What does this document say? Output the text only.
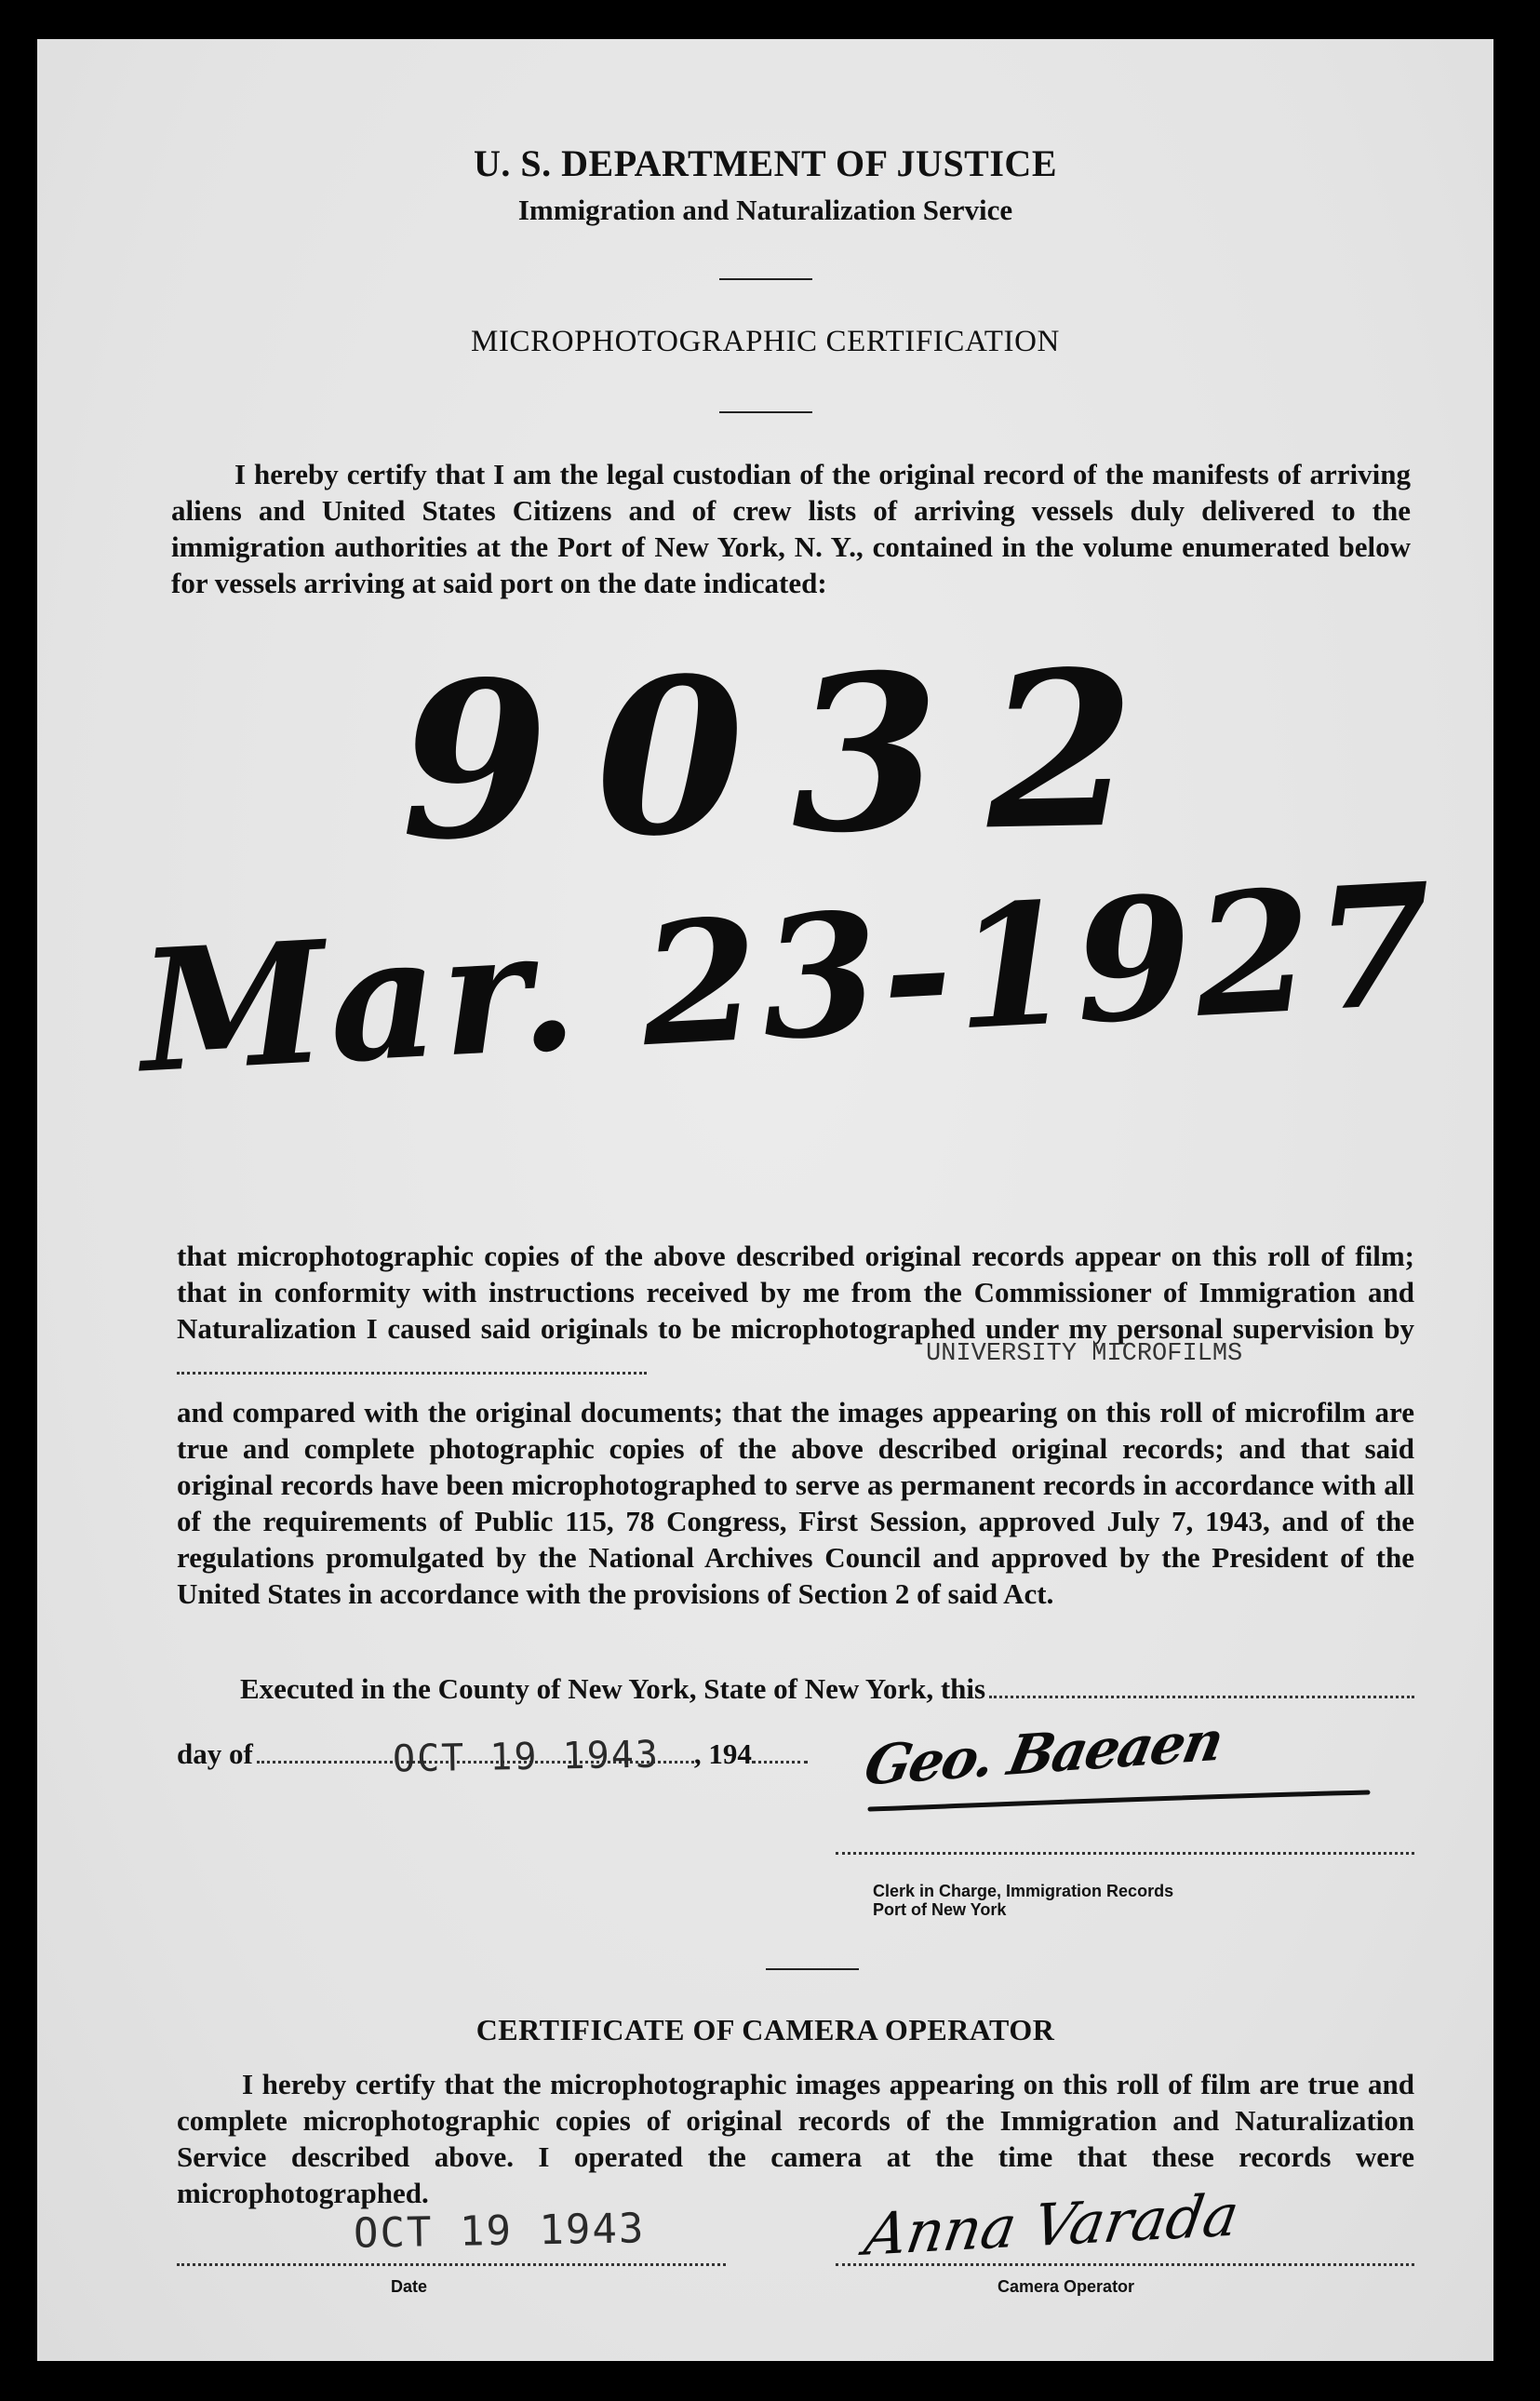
U. S. DEPARTMENT OF JUSTICE
Immigration and Naturalization Service
MICROPHOTOGRAPHIC CERTIFICATION

I hereby certify that I am the legal custodian of the original record of the manifests of arriving aliens and United States Citizens and of crew lists of arriving vessels duly delivered to the immigration authorities at the Port of New York, N. Y., contained in the volume enumerated below for vessels arriving at said port on the date indicated:

9032
Mar. 23-1927

that microphotographic copies of the above described original records appear on this roll of film; that in conformity with instructions received by me from the Commissioner of Immigration and Naturalization I caused said originals to be microphotographed under my personal supervision by

UNIVERSITY MICROFILMS

and compared with the original documents; that the images appearing on this roll of microfilm are true and complete photographic copies of the above described original records; and that said original records have been microphotographed to serve as permanent records in accordance with all of the requirements of Public 115, 78 Congress, First Session, approved July 7, 1943, and of the regulations promulgated by the National Archives Council and approved by the President of the United States in accordance with the provisions of Section 2 of said Act.

Executed in the County of New York, State of New York, this
day of	, 194
OCT 19 1943	Geo. Baeaen
Clerk in Charge, Immigration Records
Port of New York
CERTIFICATE OF CAMERA OPERATOR

I hereby certify that the microphotographic images appearing on this roll of film are true and complete microphotographic copies of original records of the Immigration and Naturalization Service described above. I operated the camera at the time that these records were microphotographed.

OCT 19 1943
Date
Anna Varada
Camera Operator
